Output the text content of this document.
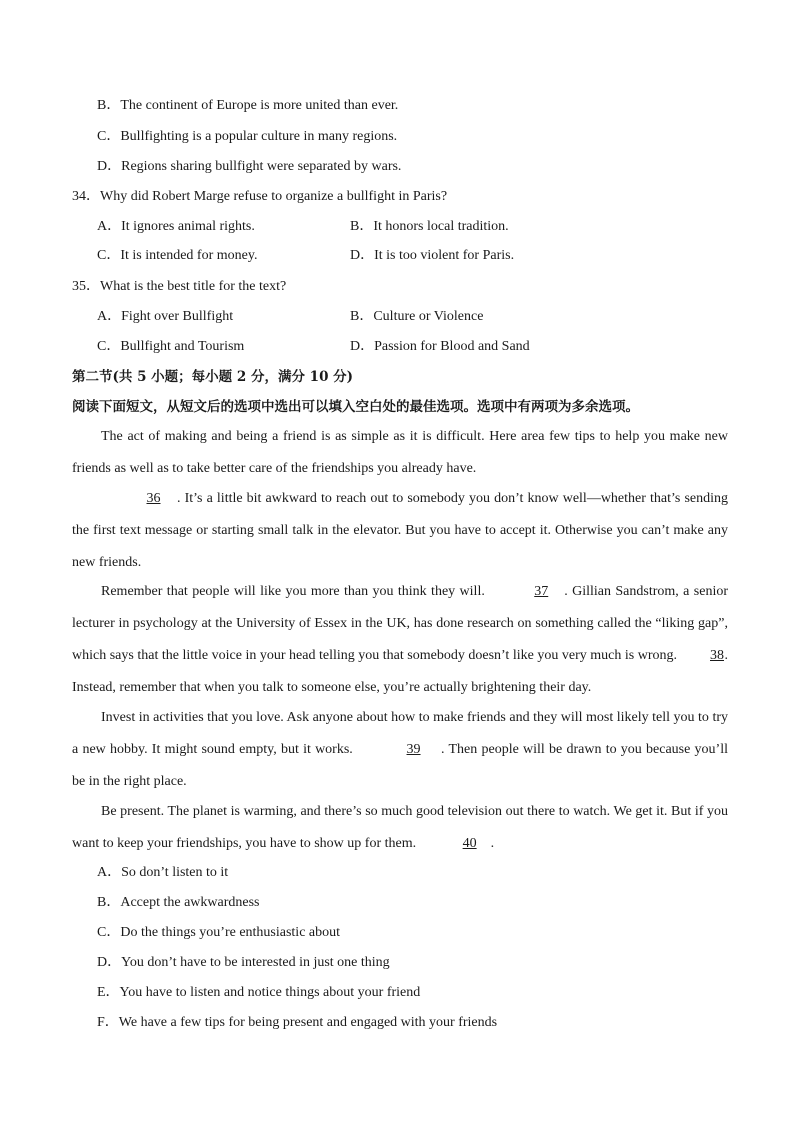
B．The continent of Europe is more united than ever.
C．Bullfighting is a popular culture in many regions.
D．Regions sharing bullfight were separated by wars.
34．Why did Robert Marge refuse to organize a bullfight in Paris?
A．It ignores animal rights.	B．It honors local tradition.
C．It is intended for money.	D．It is too violent for Paris.
35．What is the best title for the text?
A．Fight over Bullfight	B．Culture or Violence
C．Bullfight and Tourism	D．Passion for Blood and Sand
第二节(共 5 小题；每小题 2 分，满分 10 分)
阅读下面短文，从短文后的选项中选出可以填入空白处的最佳选项。选项中有两项为多余选项。
The act of making and being a friend is as simple as it is difficult. Here area few tips to help you make new friends as well as to take better care of the friendships you already have.
36 . It’s a little bit awkward to reach out to somebody you don’t know well—whether that’s sending the first text message or starting small talk in the elevator. But you have to accept it. Otherwise you can’t make any new friends.
Remember that people will like you more than you think they will.	37 . Gillian Sandstrom, a senior lecturer in psychology at the University of Essex in the UK, has done research on something called the “liking gap”, which says that the little voice in your head telling you that somebody doesn’t like you very much is wrong. 38. Instead, remember that when you talk to someone else, you’re actually brightening their day.
Invest in activities that you love. Ask anyone about how to make friends and they will most likely tell you to try a new hobby. It might sound empty, but it works.	39 . Then people will be drawn to you because you’ll be in the right place.
Be present. The planet is warming, and there’s so much good television out there to watch. We get it. But if you want to keep your friendships, you have to show up for them.	40 .
A．So don’t listen to it
B．Accept the awkwardness
C．Do the things you’re enthusiastic about
D．You don’t have to be interested in just one thing
E．You have to listen and notice things about your friend
F．We have a few tips for being present and engaged with your friends
